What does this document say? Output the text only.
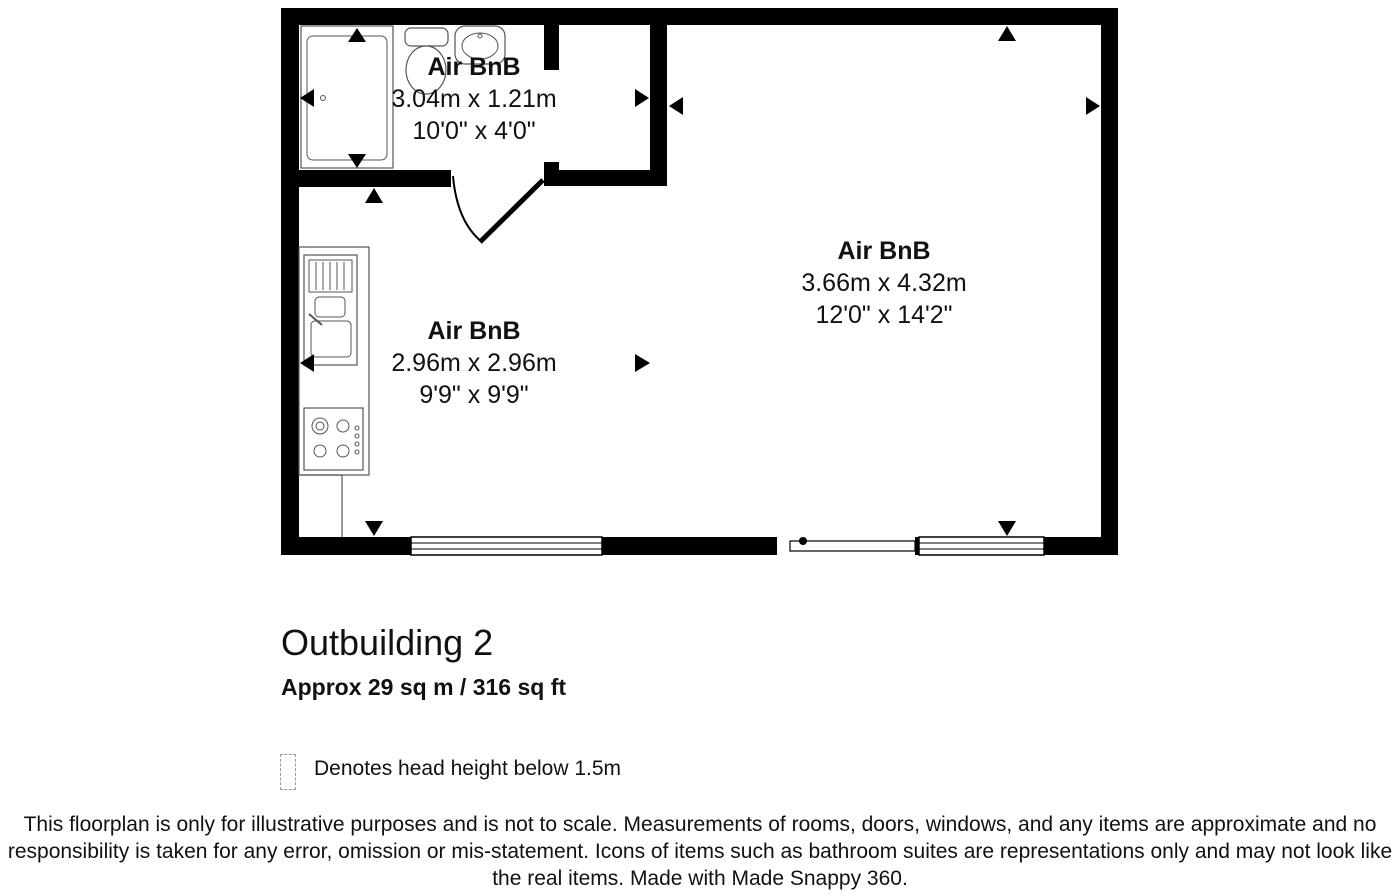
Air BnB
3.04m x 1.21m
10'0" x 4'0"
Air BnB
3.66m x 4.32m
12'0" x 14'2"
Air BnB
2.96m x 2.96m
9'9" x 9'9"
Outbuilding 2
Approx 29 sq m / 316 sq ft
Denotes head height below 1.5m
This floorplan is only for illustrative purposes and is not to scale. Measurements of rooms, doors, windows, and any items are approximate and no responsibility is taken for any error, omission or mis-statement. Icons of items such as bathroom suites are representations only and may not look like the real items. Made with Made Snappy 360.
